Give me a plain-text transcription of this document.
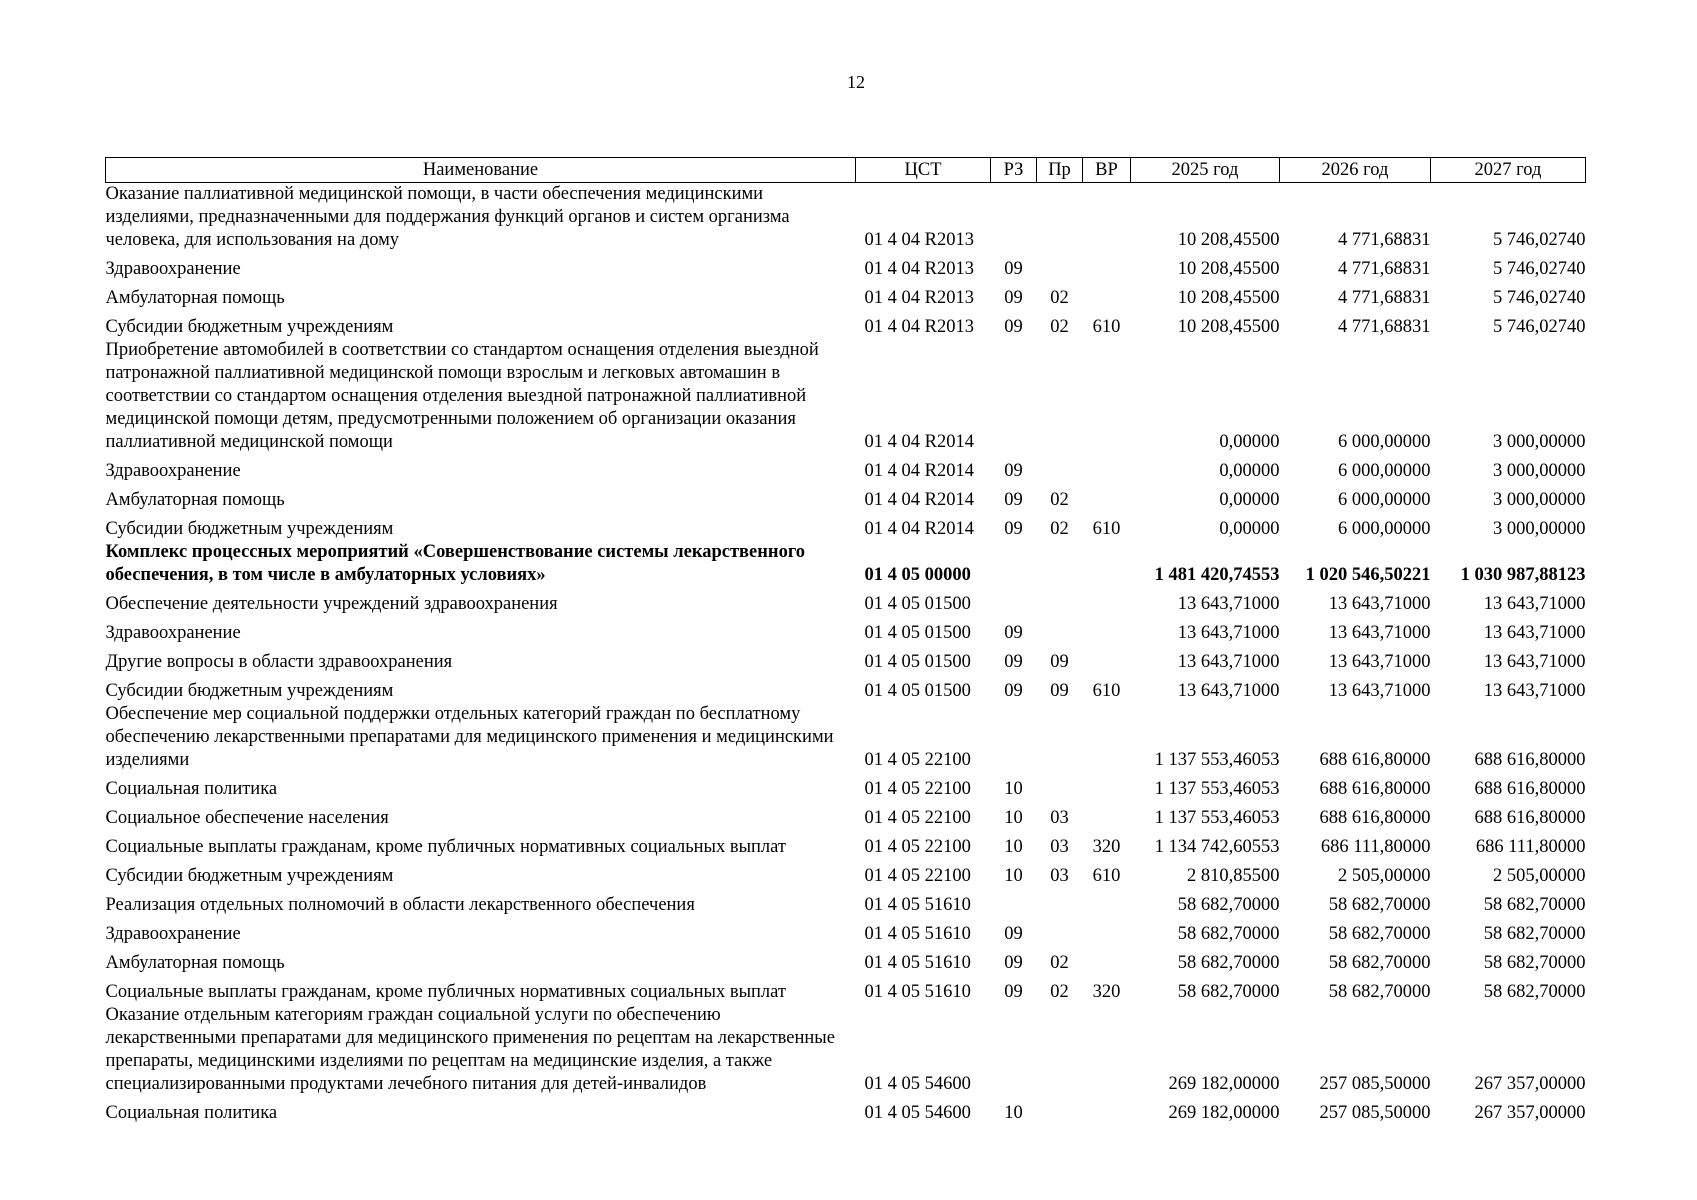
12
Наименование	ЦСТ	РЗ	Пр	ВР	2025 год	2026 год	2027 год
Оказание паллиативной медицинской помощи, в части обеспечения медицинскими изделиями, предназначенными для поддержания функций органов и систем организма человека, для использования на дому	01 4 04 R2013				10 208,45500	4 771,68831	5 746,02740
Здравоохранение	01 4 04 R2013	09			10 208,45500	4 771,68831	5 746,02740
Амбулаторная помощь	01 4 04 R2013	09	02		10 208,45500	4 771,68831	5 746,02740
Субсидии бюджетным учреждениям	01 4 04 R2013	09	02	610	10 208,45500	4 771,68831	5 746,02740
Приобретение автомобилей в соответствии со стандартом оснащения отделения выездной патронажной паллиативной медицинской помощи взрослым и легковых автомашин в соответствии со стандартом оснащения отделения выездной патронажной паллиативной медицинской помощи детям, предусмотренными положением об организации оказания паллиативной медицинской помощи	01 4 04 R2014				0,00000	6 000,00000	3 000,00000
Здравоохранение	01 4 04 R2014	09			0,00000	6 000,00000	3 000,00000
Амбулаторная помощь	01 4 04 R2014	09	02		0,00000	6 000,00000	3 000,00000
Субсидии бюджетным учреждениям	01 4 04 R2014	09	02	610	0,00000	6 000,00000	3 000,00000
Комплекс процессных мероприятий «Совершенствование системы лекарственного обеспечения, в том числе в амбулаторных условиях»	01 4 05 00000				1 481 420,74553	1 020 546,50221	1 030 987,88123
Обеспечение деятельности учреждений здравоохранения	01 4 05 01500				13 643,71000	13 643,71000	13 643,71000
Здравоохранение	01 4 05 01500	09			13 643,71000	13 643,71000	13 643,71000
Другие вопросы в области здравоохранения	01 4 05 01500	09	09		13 643,71000	13 643,71000	13 643,71000
Субсидии бюджетным учреждениям	01 4 05 01500	09	09	610	13 643,71000	13 643,71000	13 643,71000
Обеспечение мер социальной поддержки отдельных категорий граждан по бесплатному обеспечению лекарственными препаратами для медицинского применения и медицинскими изделиями	01 4 05 22100				1 137 553,46053	688 616,80000	688 616,80000
Социальная политика	01 4 05 22100	10			1 137 553,46053	688 616,80000	688 616,80000
Социальное обеспечение населения	01 4 05 22100	10	03		1 137 553,46053	688 616,80000	688 616,80000
Социальные выплаты гражданам, кроме публичных нормативных социальных выплат	01 4 05 22100	10	03	320	1 134 742,60553	686 111,80000	686 111,80000
Субсидии бюджетным учреждениям	01 4 05 22100	10	03	610	2 810,85500	2 505,00000	2 505,00000
Реализация отдельных полномочий в области лекарственного обеспечения	01 4 05 51610				58 682,70000	58 682,70000	58 682,70000
Здравоохранение	01 4 05 51610	09			58 682,70000	58 682,70000	58 682,70000
Амбулаторная помощь	01 4 05 51610	09	02		58 682,70000	58 682,70000	58 682,70000
Социальные выплаты гражданам, кроме публичных нормативных социальных выплат	01 4 05 51610	09	02	320	58 682,70000	58 682,70000	58 682,70000
Оказание отдельным категориям граждан социальной услуги по обеспечению лекарственными препаратами для медицинского применения по рецептам на лекарственные препараты, медицинскими изделиями по рецептам на медицинские изделия, а также специализированными продуктами лечебного питания для детей-инвалидов	01 4 05 54600				269 182,00000	257 085,50000	267 357,00000
Социальная политика	01 4 05 54600	10			269 182,00000	257 085,50000	267 357,00000
